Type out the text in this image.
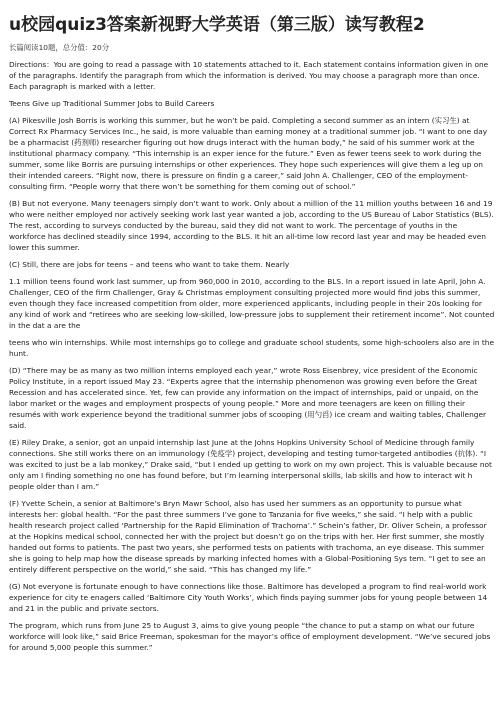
u校园quiz3答案新视野大学英语（第三版）读写教程2
长篇阅读10题，总分值：20分

Directions：You are going to read a passage with 10 statements attached to it. Each statement contains information given in one of the paragraphs. Identify the paragraph from which the information is derived. You may choose a paragraph more than once. Each paragraph is marked with a letter.

Teens Give up Traditional Summer Jobs to Build Careers

(A) Pikesville Josh Borris is working this summer, but he won’t be paid. Completing a second summer as an intern (实习生) at Correct Rx Pharmacy Services Inc., he said, is more valuable than earning money at a traditional summer job. “I want to one day be a pharmacist (药剂师) researcher figuring out how drugs interact with the human body,” he said of his summer work at the institutional pharmacy company. “This internship is an exper ience for the future.” Even as fewer teens seek to work during the summer, some like Borris are pursuing internships or other experiences. They hope such experiences will give them a leg up on their intended careers. “Right now, there is pressure on findin g a career,” said John A. Challenger, CEO of the employment-consulting firm. “People worry that there won’t be something for them coming out of school.”

(B) But not everyone. Many teenagers simply don’t want to work. Only about a million of the 11 million youths between 16 and 19 who were neither employed nor actively seeking work last year wanted a job, according to the US Bureau of Labor Statistics (BLS). The rest, according to surveys conducted by the bureau, said they did not want to work. The percentage of youths in the workforce has declined steadily since 1994, according to the BLS. It hit an all-time low record last year and may be headed even lower this summer.

(C) Still, there are jobs for teens – and teens who want to take them. Nearly

1.1 million teens found work last summer, up from 960,000 in 2010, according to the BLS. In a report issued in late April, John A. Challenger, CEO of the firm Challenger, Gray & Christmas employment consulting projected more would find jobs this summer, even though they face increased competition from older, more experienced applicants, including people in their 20s looking for any kind of work and “retirees who are seeking low-skilled, low-pressure jobs to supplement their retirement income”. Not counted in the dat a are the

teens who win internships. While most internships go to college and graduate school students, some high-schoolers also are in the hunt.

(D) “There may be as many as two million interns employed each year,” wrote Ross Eisenbrey, vice president of the Economic Policy Institute, in a report issued May 23. “Experts agree that the internship phenomenon was growing even before the Great Recession and has accelerated since. Yet, few can provide any information on the impact of internships, paid or unpaid, on the labor market or the wages and employment prospects of young people.” More and more teenagers are keen on filling their resumés with work experience beyond the traditional summer jobs of scooping (用勺舀) ice cream and waiting tables, Challenger said.

(E) Riley Drake, a senior, got an unpaid internship last June at the Johns Hopkins University School of Medicine through family connections. She still works there on an immunology (免疫学) project, developing and testing tumor-targeted antibodies (抗体). “I was excited to just be a lab monkey,” Drake said, “but I ended up getting to work on my own project. This is valuable because not only am I finding something no one has found before, but I’m learning interpersonal skills, lab skills and how to interact wit h people older than I am.”

(F) Yvette Schein, a senior at Baltimore’s Bryn Mawr School, also has used her summers as an opportunity to pursue what interests her: global health. “For the past three summers I’ve gone to Tanzania for five weeks,” she said. “I help with a public health research project called ‘Partnership for the Rapid Elimination of Trachoma’.” Schein’s father, Dr. Oliver Schein, a professor at the Hopkins medical school, connected her with the project but doesn’t go on the trips with her. Her first summer, she mostly handed out forms to patients. The past two years, she performed tests on patients with trachoma, an eye disease. This summer she is going to help map how the disease spreads by marking infected homes with a Global-Positioning Sys tem. “I get to see an entirely different perspective on the world,” she said. “This has changed my life.”

(G) Not everyone is fortunate enough to have connections like those. Baltimore has developed a program to find real-world work experience for city te enagers called ‘Baltimore City Youth Works’, which finds paying summer jobs for young people between 14 and 21 in the public and private sectors.

The program, which runs from June 25 to August 3, aims to give young people “the chance to put a stamp on what our future workforce will look like,” said Brice Freeman, spokesman for the mayor’s office of employment development. “We’ve secured jobs for around 5,000 people this summer.”
